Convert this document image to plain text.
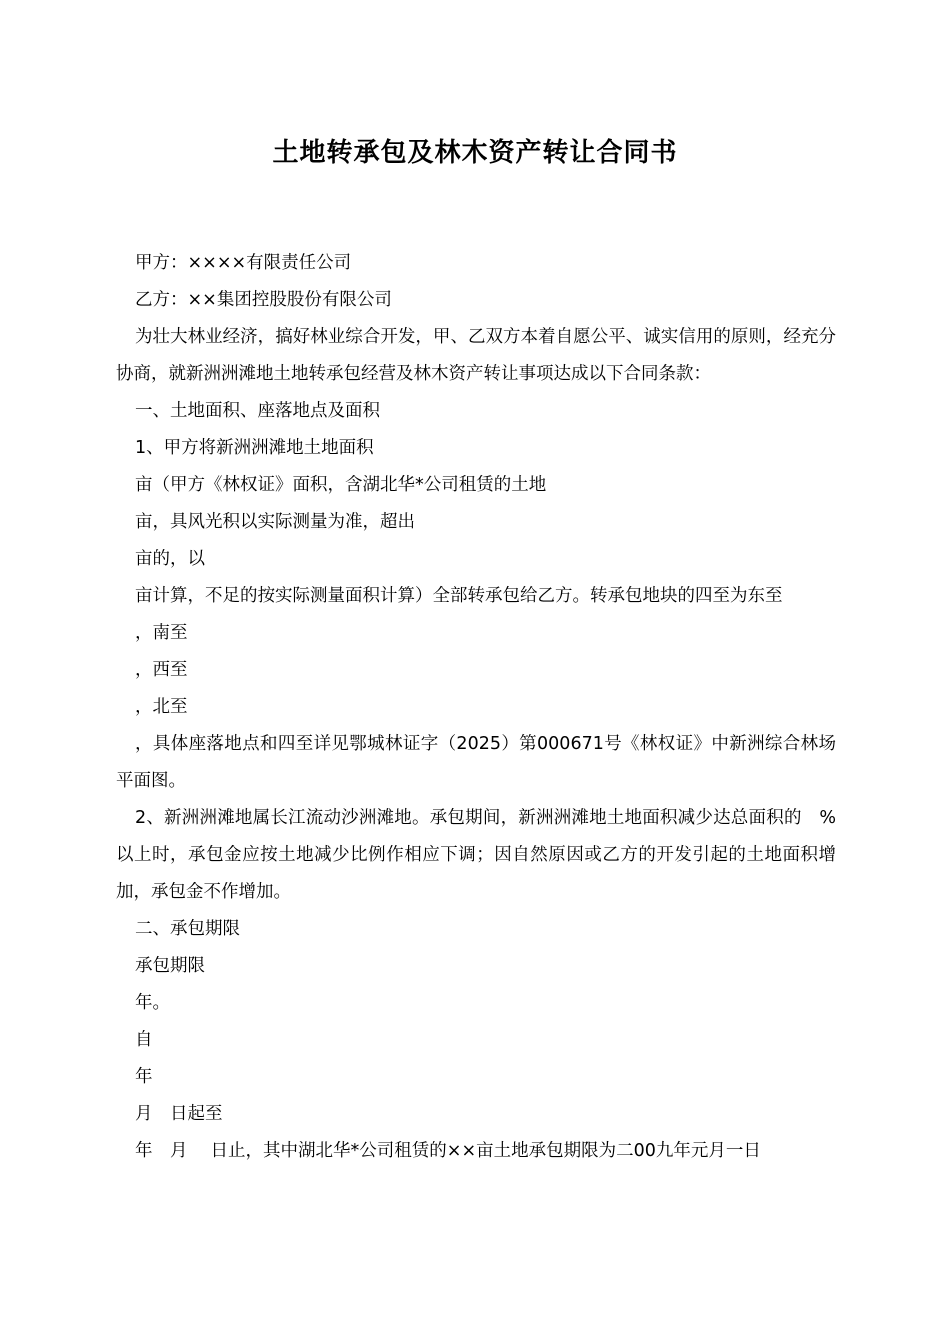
土地转承包及林木资产转让合同书

甲方：××××有限责任公司

乙方：××集团控股股份有限公司

为壮大林业经济，搞好林业综合开发，甲、乙双方本着自愿公平、诚实信用的原则，经充分协商，就新洲洲滩地土地转承包经营及林木资产转让事项达成以下合同条款：

一、土地面积、座落地点及面积

1、甲方将新洲洲滩地土地面积

亩（甲方《林权证》面积，含湖北华*公司租赁的土地

亩，具风光积以实际测量为准，超出

亩的，以

亩计算，不足的按实际测量面积计算）全部转承包给乙方。转承包地块的四至为东至

，南至

，西至

，北至

，具体座落地点和四至详见鄂城林证字（2025）第000671号《林权证》中新洲综合林场平面图。

2、新洲洲滩地属长江流动沙洲滩地。承包期间，新洲洲滩地土地面积减少达总面积的　%以上时，承包金应按土地减少比例作相应下调；因自然原因或乙方的开发引起的土地面积增加，承包金不作增加。

二、承包期限

承包期限

年。

自

年

月　日起至

年　月　 日止，其中湖北华*公司租赁的××亩土地承包期限为二00九年元月一日
